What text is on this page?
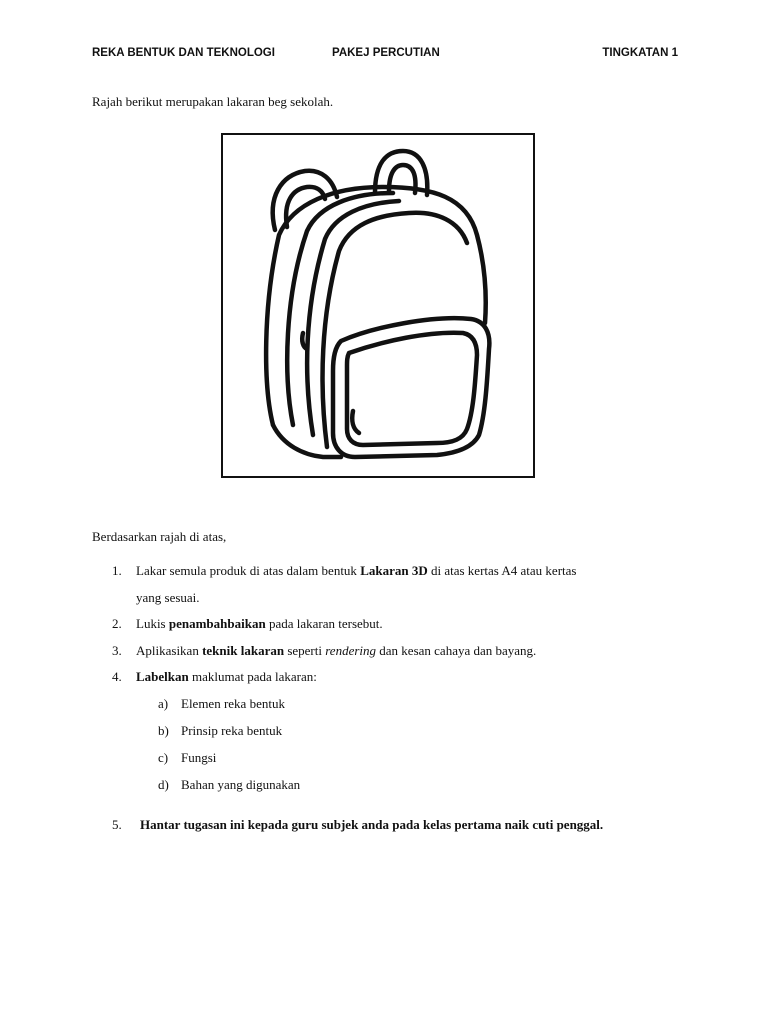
REKA BENTUK DAN TEKNOLOGI	PAKEJ PERCUTIAN	TINGKATAN 1
Rajah berikut merupakan lakaran beg sekolah.
Berdasarkan rajah di atas,
1. Lakar semula produk di atas dalam bentuk Lakaran 3D di atas kertas A4 atau kertas
yang sesuai.
2. Lukis penambahbaikan pada lakaran tersebut.
3. Aplikasikan teknik lakaran seperti rendering dan kesan cahaya dan bayang.
4. Labelkan maklumat pada lakaran:
a) Elemen reka bentuk
b) Prinsip reka bentuk
c) Fungsi
d) Bahan yang digunakan
5. Hantar tugasan ini kepada guru subjek anda pada kelas pertama naik cuti penggal.
